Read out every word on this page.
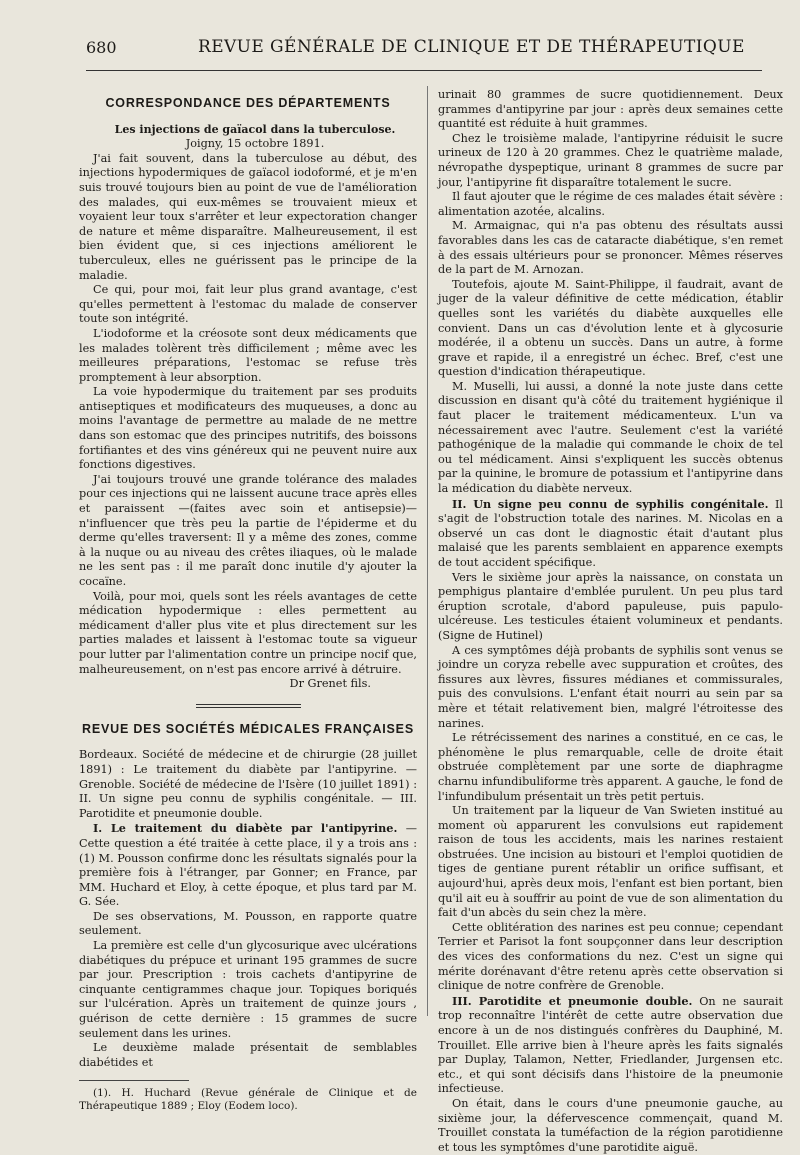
680	REVUE GÉNÉRALE DE CLINIQUE ET DE THÉRAPEUTIQUE
CORRESPONDANCE DES DÉPARTEMENTS

Les injections de gaïacol dans la tuberculose.

Joigny, 15 octobre 1891.

J'ai fait souvent, dans la tuberculose au début, des injections hypodermiques de gaïacol iodoformé, et je m'en suis trouvé toujours bien au point de vue de l'amélioration des malades, qui eux-mêmes se trouvaient mieux et voyaient leur toux s'arrêter et leur expectoration changer de nature et même disparaître. Malheureusement, il est bien évident que, si ces injections améliorent le tuberculeux, elles ne guérissent pas le principe de la maladie.

Ce qui, pour moi, fait leur plus grand avantage, c'est qu'elles permettent à l'estomac du malade de conserver toute son intégrité.

L'iodoforme et la créosote sont deux médicaments que les malades tolèrent très difficilement ; même avec les meilleures préparations, l'estomac se refuse très promptement à leur absorption.

La voie hypodermique du traitement par ses produits antiseptiques et modificateurs des muqueuses, a donc au moins l'avantage de permettre au malade de ne mettre dans son estomac que des principes nutritifs, des boissons fortifiantes et des vins généreux qui ne peuvent nuire aux fonctions digestives.

J'ai toujours trouvé une grande tolérance des malades pour ces injections qui ne laissent aucune trace après elles et paraissent —(faites avec soin et antisepsie)— n'influencer que très peu la partie de l'épiderme et du derme qu'elles traversent: Il y a même des zones, comme à la nuque ou au niveau des crêtes iliaques, où le malade ne les sent pas : il me paraît donc inutile d'y ajouter la cocaïne.

Voilà, pour moi, quels sont les réels avantages de cette médication hypodermique : elles permettent au médicament d'aller plus vite et plus directement sur les parties malades et laissent à l'estomac toute sa vigueur pour lutter par l'alimentation contre un principe nocif que, malheureusement, on n'est pas encore arrivé à détruire.

Dr Grenet fils.

REVUE DES SOCIÉTÉS MÉDICALES FRANÇAISES

Bordeaux. Société de médecine et de chirurgie (28 juillet 1891) : Le traitement du diabète par l'antipyrine. — Grenoble. Société de médecine de l'Isère (10 juillet 1891) : II. Un signe peu connu de syphilis congénitale. — III. Parotidite et pneumonie double.

I. Le traitement du diabète par l'antipyrine. — Cette question a été traitée à cette place, il y a trois ans : (1) M. Pousson confirme donc les résultats signalés pour la première fois à l'étranger, par Gonner; en France, par MM. Huchard et Eloy, à cette époque, et plus tard par M. G. Sée.

De ses observations, M. Pousson, en rapporte quatre seulement.

La première est celle d'un glycosurique avec ulcérations diabétiques du prépuce et urinant 195 grammes de sucre par jour. Prescription : trois cachets d'antipyrine de cinquante centigrammes chaque jour. Topiques boriqués sur l'ulcération. Après un traitement de quinze jours , guérison de cette dernière : 15 grammes de sucre seulement dans les urines.

Le deuxième malade présentait de semblables diabétides et

(1). H. Huchard (Revue générale de Clinique et de Thérapeutique 1889 ; Eloy (Eodem loco).

urinait 80 grammes de sucre quotidiennement. Deux grammes d'antipyrine par jour : après deux semaines cette quantité est réduite à huit grammes.

Chez le troisième malade, l'antipyrine réduisit le sucre urineux de 120 à 20 grammes. Chez le quatrième malade, névropathe dyspeptique, urinant 8 grammes de sucre par jour, l'antipyrine fit disparaître totalement le sucre.

Il faut ajouter que le régime de ces malades était sévère : alimentation azotée, alcalins.

M. Armaignac, qui n'a pas obtenu des résultats aussi favorables dans les cas de cataracte diabétique, s'en remet à des essais ultérieurs pour se prononcer. Mêmes réserves de la part de M. Arnozan.

Toutefois, ajoute M. Saint-Philippe, il faudrait, avant de juger de la valeur définitive de cette médication, établir quelles sont les variétés du diabète auxquelles elle convient. Dans un cas d'évolution lente et à glycosurie modérée, il a obtenu un succès. Dans un autre, à forme grave et rapide, il a enregistré un échec. Bref, c'est une question d'indication thérapeutique.

M. Muselli, lui aussi, a donné la note juste dans cette discussion en disant qu'à côté du traitement hygiénique il faut placer le traitement médicamenteux. L'un va nécessairement avec l'autre. Seulement c'est la variété pathogénique de la maladie qui commande le choix de tel ou tel médicament. Ainsi s'expliquent les succès obtenus par la quinine, le bromure de potassium et l'antipyrine dans la médication du diabète nerveux.

II. Un signe peu connu de syphilis congénitale. Il s'agit de l'obstruction totale des narines. M. Nicolas en a observé un cas dont le diagnostic était d'autant plus malaisé que les parents semblaient en apparence exempts de tout accident spécifique.

Vers le sixième jour après la naissance, on constata un pemphigus plantaire d'emblée purulent. Un peu plus tard éruption scrotale, d'abord papuleuse, puis papulo-ulcéreuse. Les testicules étaient volumineux et pendants. (Signe de Hutinel)

A ces symptômes déjà probants de syphilis sont venus se joindre un coryza rebelle avec suppuration et croûtes, des fissures aux lèvres, fissures médianes et commissurales, puis des convulsions. L'enfant était nourri au sein par sa mère et tétait relativement bien, malgré l'étroitesse des narines.

Le rétrécissement des narines a constitué, en ce cas, le phénomène le plus remarquable, celle de droite était obstruée complètement par une sorte de diaphragme charnu infundibuliforme très apparent. A gauche, le fond de l'infundibulum présentait un très petit pertuis.

Un traitement par la liqueur de Van Swieten institué au moment où apparurent les convulsions eut rapidement raison de tous les accidents, mais les narines restaient obstruées. Une incision au bistouri et l'emploi quotidien de tiges de gentiane purent rétablir un orifice suffisant, et aujourd'hui, après deux mois, l'enfant est bien portant, bien qu'il ait eu à souffrir au point de vue de son alimentation du fait d'un abcès du sein chez la mère.

Cette oblitération des narines est peu connue; cependant Terrier et Parisot la font soupçonner dans leur description des vices des conformations du nez. C'est un signe qui mérite dorénavant d'être retenu après cette observation si clinique de notre confrère de Grenoble.

III. Parotidite et pneumonie double. On ne saurait trop reconnaître l'intérêt de cette autre observation due encore à un de nos distingués confrères du Dauphiné, M. Trouillet. Elle arrive bien à l'heure après les faits signalés par Duplay, Talamon, Netter, Friedlander, Jurgensen etc. etc., et qui sont décisifs dans l'histoire de la pneumonie infectieuse.

On était, dans le cours d'une pneumonie gauche, au sixième jour, la défervescence commençait, quand M. Trouillet constata la tuméfaction de la région parotidienne et tous les symptômes d'une parotidite aiguë.
